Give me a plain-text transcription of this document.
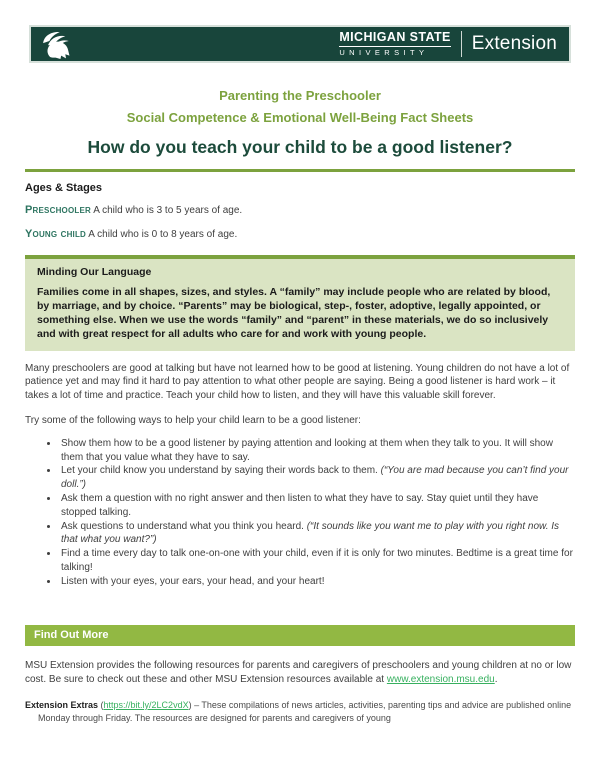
MICHIGAN STATE
UNIVERSITY	Extension
Parenting the Preschooler
Social Competence & Emotional Well-Being Fact Sheets
How do you teach your child to be a good listener?
Ages & Stages

Preschooler A child who is 3 to 5 years of age.

Young child A child who is 0 to 8 years of age.

Minding Our Language

Families come in all shapes, sizes, and styles. A “family” may include people who are related by blood, by marriage, and by choice. “Parents” may be biological, step-, foster, adoptive, legally appointed, or something else. When we use the words “family” and “parent” in these materials, we do so inclusively and with great respect for all adults who care for and work with young people.

Many preschoolers are good at talking but have not learned how to be good at listening. Young children do not have a lot of patience yet and may find it hard to pay attention to what other people are saying. Being a good listener is hard work – it takes a lot of time and practice. Teach your child how to listen, and they will have this valuable skill forever.

Try some of the following ways to help your child learn to be a good listener:

• Show them how to be a good listener by paying attention and looking at them when they talk to you. It will show them that you value what they have to say.
• Let your child know you understand by saying their words back to them. (“You are mad because you can’t find your doll.”)
• Ask them a question with no right answer and then listen to what they have to say. Stay quiet until they have stopped talking.
• Ask questions to understand what you think you heard. (“It sounds like you want me to play with you right now. Is that what you want?”)
• Find a time every day to talk one-on-one with your child, even if it is only for two minutes. Bedtime is a great time for talking!
• Listen with your eyes, your ears, your head, and your heart!
Find Out More

MSU Extension provides the following resources for parents and caregivers of preschoolers and young children at no or low cost. Be sure to check out these and other MSU Extension resources available at www.extension.msu.edu.

Extension Extras (https://bit.ly/2LC2vdX) – These compilations of news articles, activities, parenting tips and advice are published online Monday through Friday. The resources are designed for parents and caregivers of young
